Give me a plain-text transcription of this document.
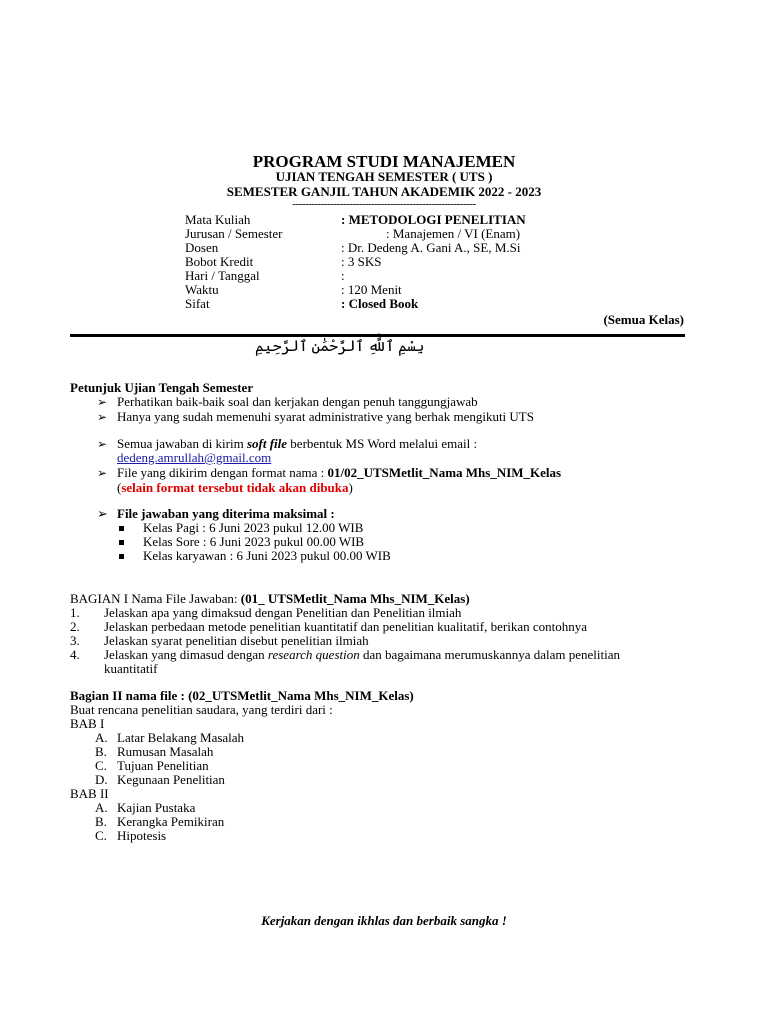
PROGRAM STUDI MANAJEMEN
UJIAN TENGAH SEMESTER ( UTS )
SEMESTER GANJIL TAHUN AKADEMIK 2022 - 2023
----------------------------------------------------------
Mata Kuliah	: METODOLOGI PENELITIAN
Jurusan / Semester	: Manajemen / VI (Enam)
Dosen	: Dr. Dedeng A. Gani A., SE, M.Si
Bobot Kredit	: 3 SKS
Hari / Tanggal	:
Waktu	: 120 Menit
Sifat	: Closed Book
(Semua Kelas)
بِسْمِ ٱللَّٰهِ ٱلرَّحْمَٰنِ ٱلرَّحِيمِ
Petunjuk Ujian Tengah Semester
➢ Perhatikan baik-baik soal dan kerjakan dengan penuh tanggungjawab
➢ Hanya yang sudah memenuhi syarat administrative yang berhak mengikuti UTS
➢ Semua jawaban di kirim soft file berbentuk MS Word melalui email :
dedeng.amrullah@gmail.com
➢ File yang dikirim dengan format nama : 01/02_UTSMetlit_Nama Mhs_NIM_Kelas
(selain format tersebut tidak akan dibuka)
➢ File jawaban yang diterima maksimal :
Kelas Pagi : 6 Juni 2023 pukul 12.00 WIB
Kelas Sore : 6 Juni 2023 pukul 00.00 WIB
Kelas karyawan : 6 Juni 2023 pukul 00.00 WIB
BAGIAN I Nama File Jawaban: (01_ UTSMetlit_Nama Mhs_NIM_Kelas)
1. Jelaskan apa yang dimaksud dengan Penelitian dan Penelitian ilmiah
2. Jelaskan perbedaan metode penelitian kuantitatif dan penelitian kualitatif, berikan contohnya
3. Jelaskan syarat penelitian disebut penelitian ilmiah
4. Jelaskan yang dimasud dengan research question dan bagaimana merumuskannya dalam penelitian
kuantitatif
Bagian II nama file : (02_UTSMetlit_Nama Mhs_NIM_Kelas)
Buat rencana penelitian saudara, yang terdiri dari :
BAB I
A. Latar Belakang Masalah
B. Rumusan Masalah
C. Tujuan Penelitian
D. Kegunaan Penelitian
BAB II
A. Kajian Pustaka
B. Kerangka Pemikiran
C. Hipotesis
Kerjakan dengan ikhlas dan berbaik sangka !
